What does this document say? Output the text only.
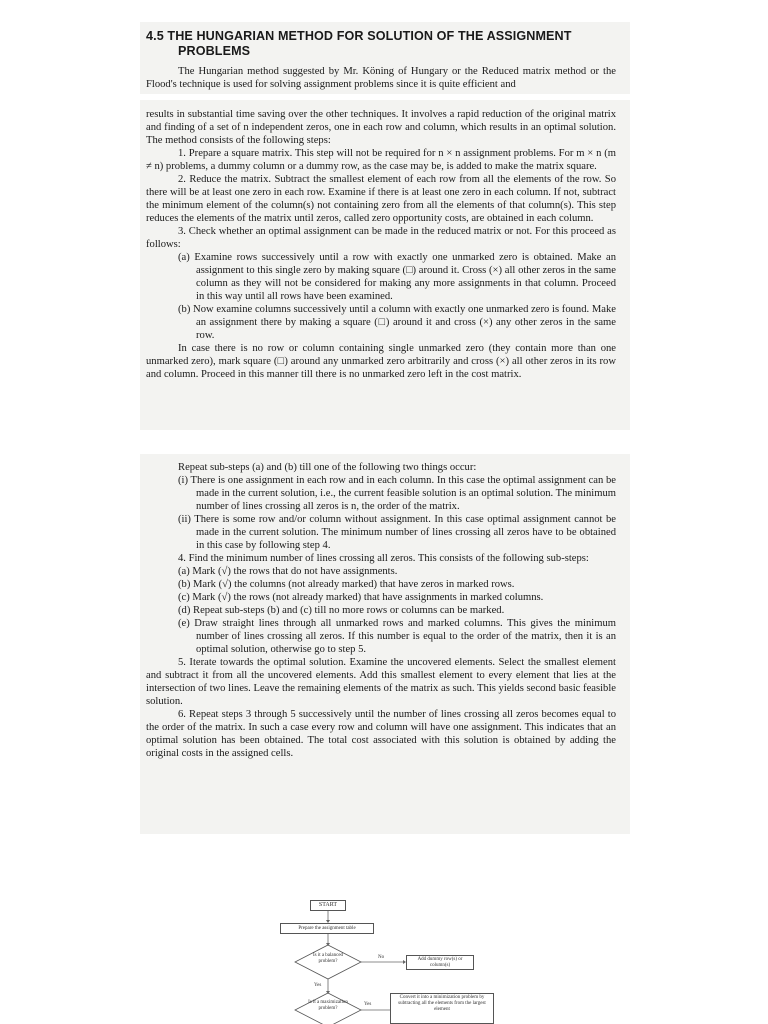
4.5 THE HUNGARIAN METHOD FOR SOLUTION OF THE ASSIGNMENT PROBLEMS

The Hungarian method suggested by Mr. Köning of Hungary or the Reduced matrix method or the Flood's technique is used for solving assignment problems since it is quite efficient and

results in substantial time saving over the other techniques. It involves a rapid reduction of the original matrix and finding of a set of n independent zeros, one in each row and column, which results in an optimal solution. The method consists of the following steps:

1. Prepare a square matrix. This step will not be required for n × n assignment problems. For m × n (m ≠ n) problems, a dummy column or a dummy row, as the case may be, is added to make the matrix square.

2. Reduce the matrix. Subtract the smallest element of each row from all the elements of the row. So there will be at least one zero in each row. Examine if there is at least one zero in each column. If not, subtract the minimum element of the column(s) not containing zero from all the elements of that column(s). This step reduces the elements of the matrix until zeros, called zero opportunity costs, are obtained in each column.

3. Check whether an optimal assignment can be made in the reduced matrix or not. For this proceed as follows:

(a) Examine rows successively until a row with exactly one unmarked zero is obtained. Make an assignment to this single zero by making square (□) around it. Cross (×) all other zeros in the same column as they will not be considered for making any more assignments in that column. Proceed in this way until all rows have been examined.

(b) Now examine columns successively until a column with exactly one unmarked zero is found. Make an assignment there by making a square (□) around it and cross (×) any other zeros in the same row.

In case there is no row or column containing single unmarked zero (they contain more than one unmarked zero), mark square (□) around any unmarked zero arbitrarily and cross (×) all other zeros in its row and column. Proceed in this manner till there is no unmarked zero left in the cost matrix.

Repeat sub-steps (a) and (b) till one of the following two things occur:

(i) There is one assignment in each row and in each column. In this case the optimal assignment can be made in the current solution, i.e., the current feasible solution is an optimal solution. The minimum number of lines crossing all zeros is n, the order of the matrix.

(ii) There is some row and/or column without assignment. In this case optimal assignment cannot be made in the current solution. The minimum number of lines crossing all zeros have to be obtained in this case by following step 4.

4. Find the minimum number of lines crossing all zeros. This consists of the following sub-steps:

(a) Mark (√) the rows that do not have assignments.

(b) Mark (√) the columns (not already marked) that have zeros in marked rows.

(c) Mark (√) the rows (not already marked) that have assignments in marked columns.

(d) Repeat sub-steps (b) and (c) till no more rows or columns can be marked.

(e) Draw straight lines through all unmarked rows and marked columns. This gives the minimum number of lines crossing all zeros. If this number is equal to the order of the matrix, then it is an optimal solution, otherwise go to step 5.

5. Iterate towards the optimal solution. Examine the uncovered elements. Select the smallest element and subtract it from all the uncovered elements. Add this smallest element to every element that lies at the intersection of two lines. Leave the remaining elements of the matrix as such. This yields second basic feasible solution.

6. Repeat steps 3 through 5 successively until the number of lines crossing all zeros becomes equal to the order of the matrix. In such a case every row and column will have one assignment. This indicates that an optimal solution has been obtained. The total cost associated with this solution is obtained by adding the original costs in the assigned cells.

START
Prepare the assignment table
Is it a balanced problem?
No	Add dummy row(s) or column(s)
Yes
Is it a maximization problem?
Yes
Convert it into a minimization problem by subtracting all the elements from the largest element
